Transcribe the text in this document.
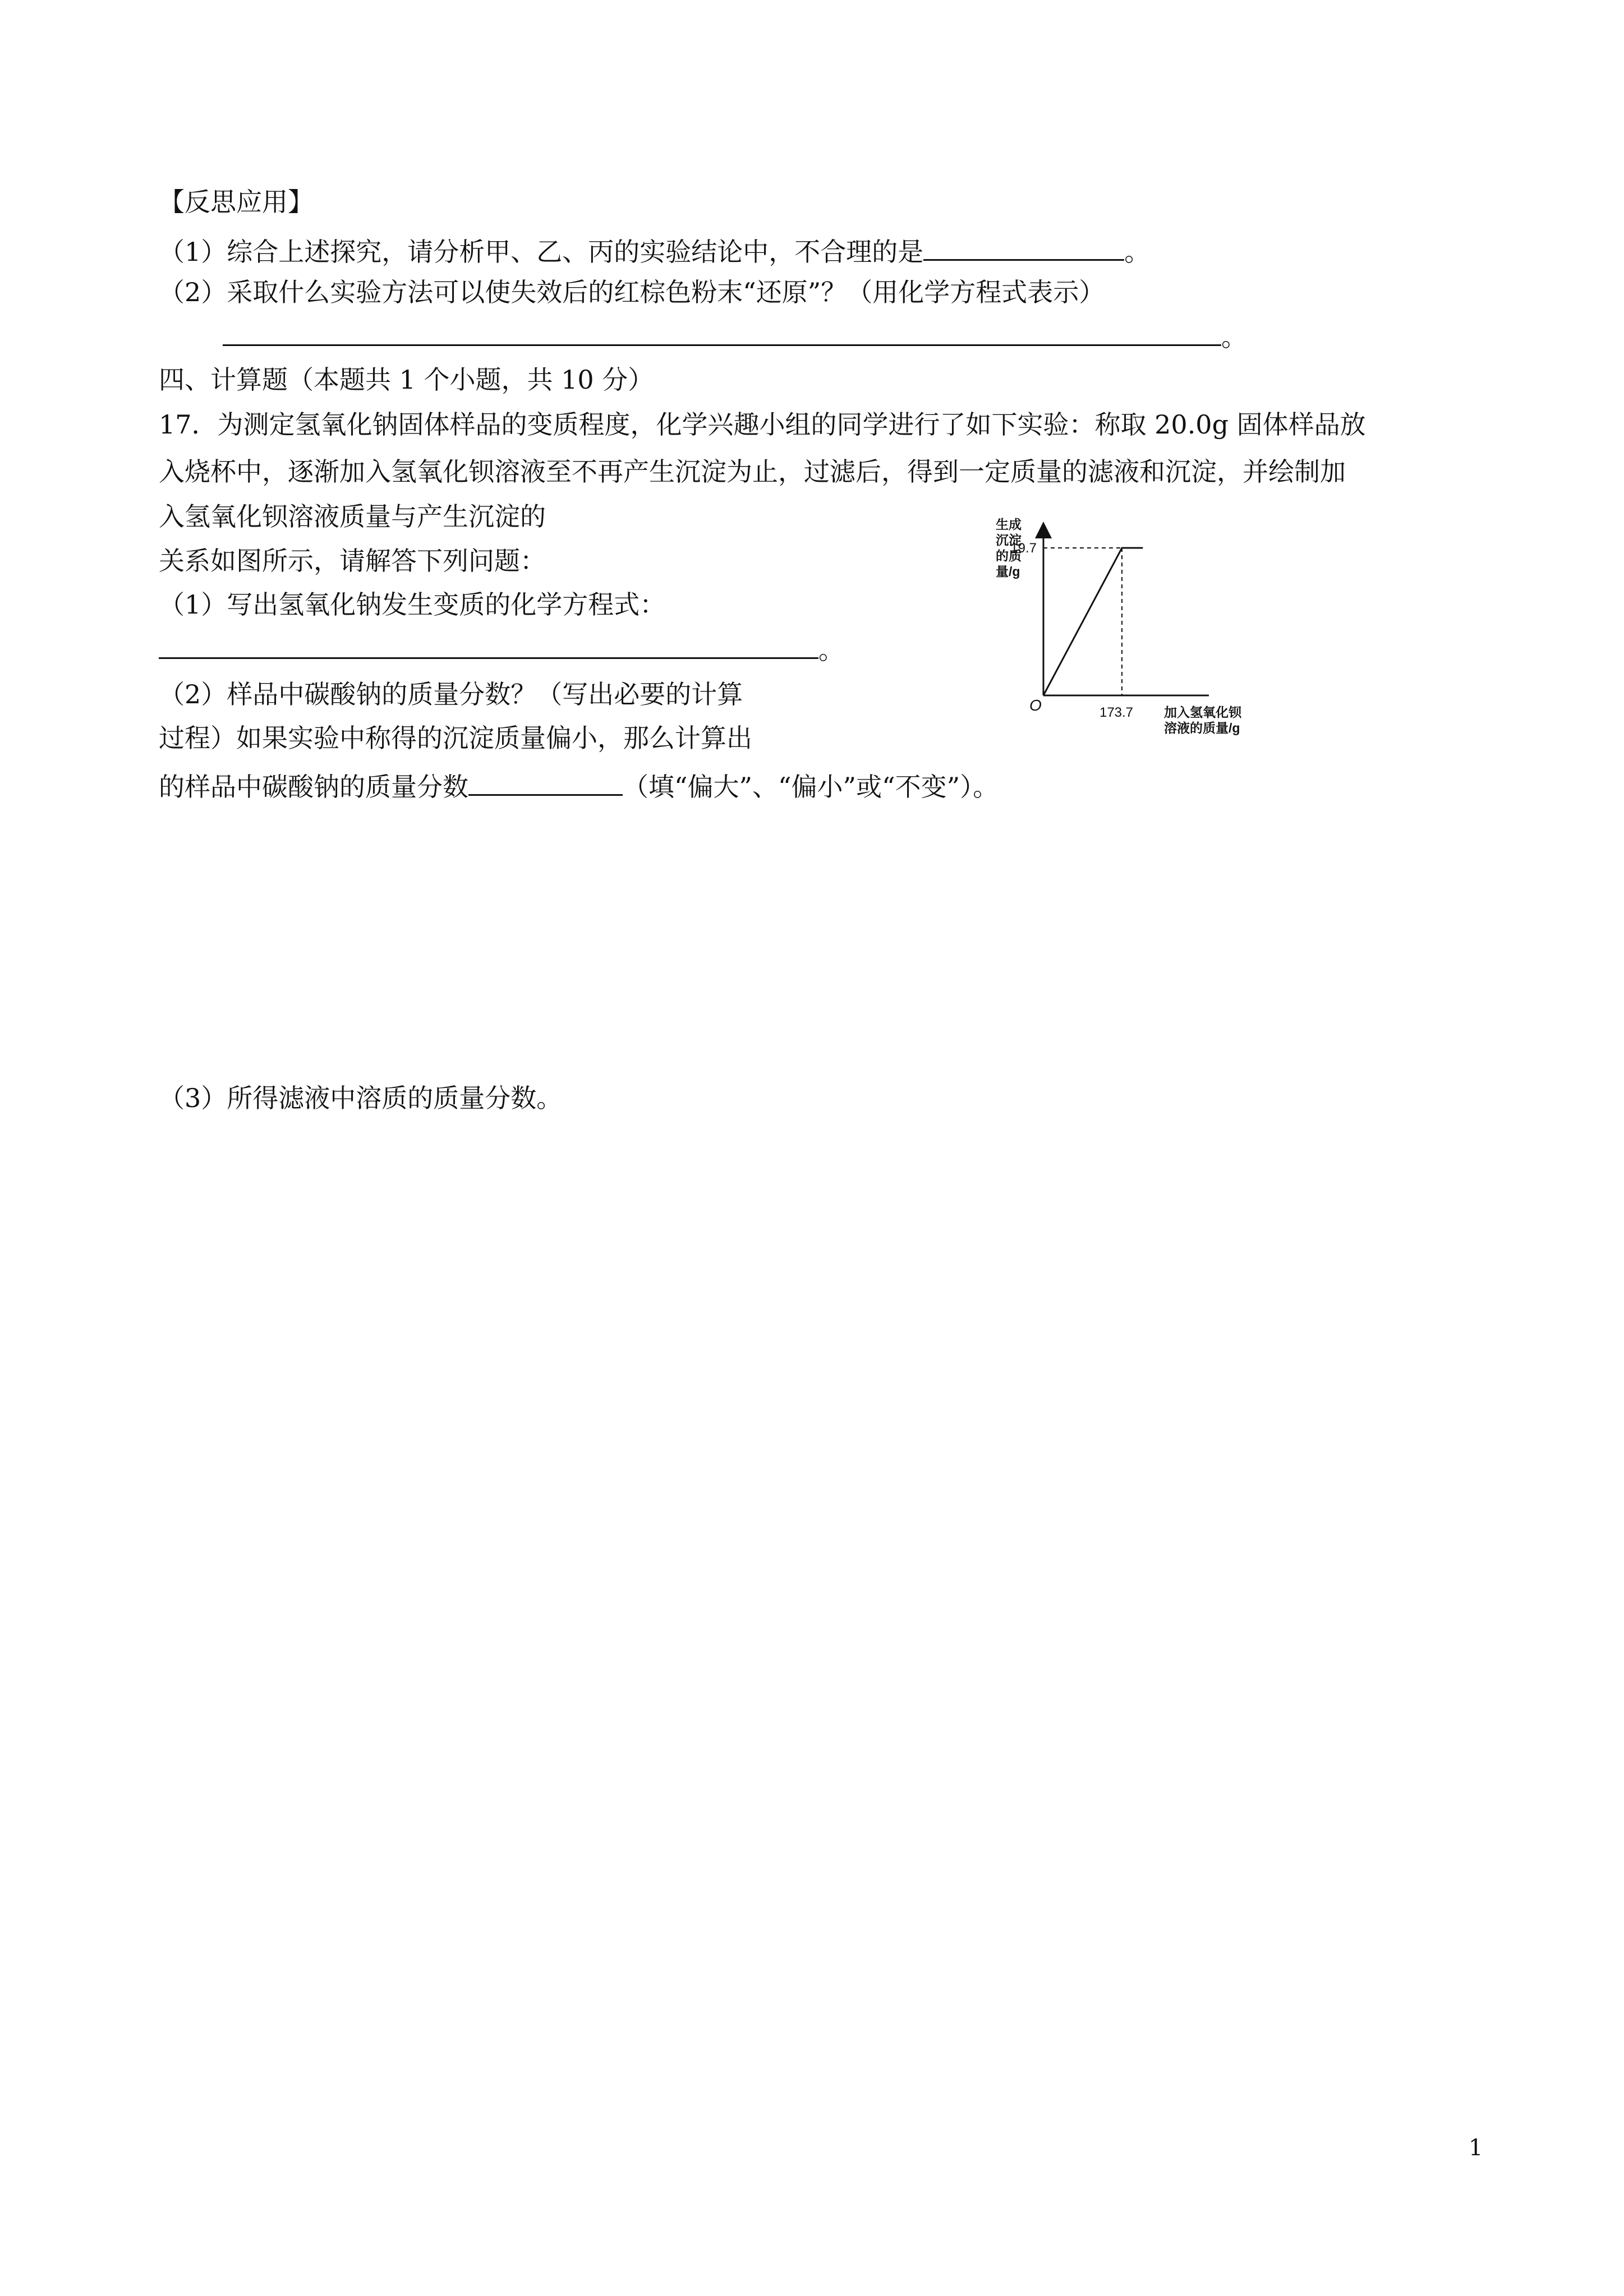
【反思应用】
（1）综合上述探究，请分析甲、乙、丙的实验结论中，不合理的是	。
（2）采取什么实验方法可以使失效后的红棕色粉末“还原”？（用化学方程式表示）
。
四、计算题（本题共 1 个小题，共 10 分）
17．为测定氢氧化钠固体样品的变质程度，化学兴趣小组的同学进行了如下实验：称取 20.0g 固体样品放
入烧杯中，逐渐加入氢氧化钡溶液至不再产生沉淀为止，过滤后，得到一定质量的滤液和沉淀，并绘制加
入氢氧化钡溶液质量与产生沉淀的
关系如图所示，请解答下列问题：
（1）写出氢氧化钠发生变质的化学方程式：
。
（2）样品中碳酸钠的质量分数？（写出必要的计算
过程）如果实验中称得的沉淀质量偏小，那么计算出
的样品中碳酸钠的质量分数	（填“偏大”、“偏小”或“不变”）。
（3）所得滤液中溶质的质量分数。
生成
沉淀
的质
量/g
O
19.7
173.7 加入氢氧化钡
溶液的质量/g
1
